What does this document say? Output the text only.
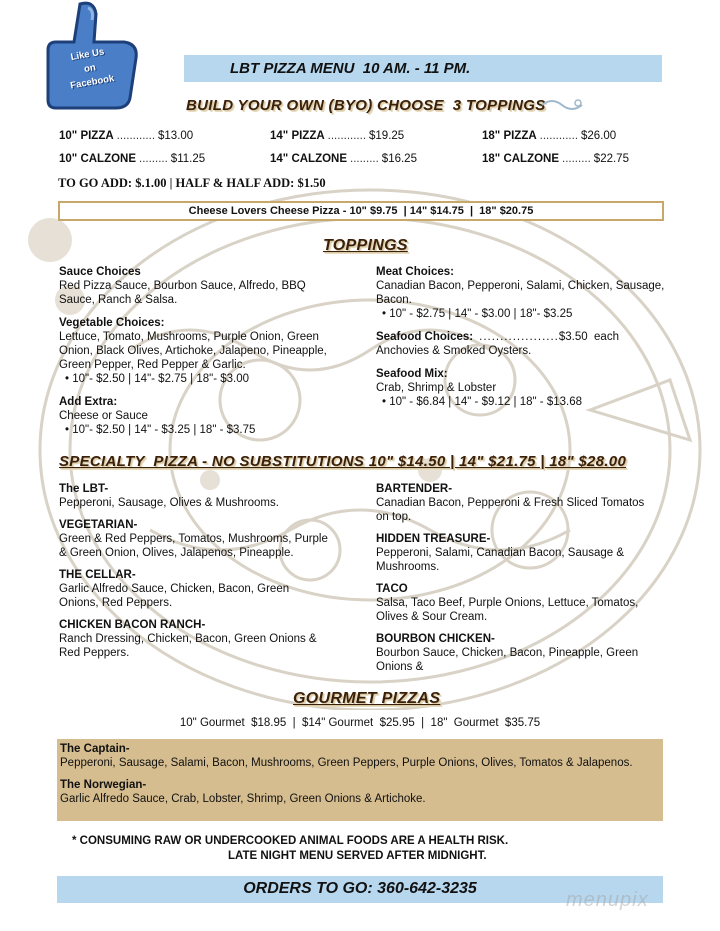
Like Us
on
Facebook
LBT PIZZA MENU  10 AM. - 11 PM.
BUILD YOUR OWN (BYO) CHOOSE  3 TOPPINGS
10" PIZZA ............ $13.00	14" PIZZA ............ $19.25	18" PIZZA ............ $26.00
10" CALZONE ......... $11.25	14" CALZONE ......... $16.25	18" CALZONE ......... $22.75
TO GO ADD: $.1.00 | HALF & HALF ADD: $1.50
Cheese Lovers Cheese Pizza - 10" $9.75  | 14" $14.75  |  18" $20.75
TOPPINGS
Sauce Choices
Red Pizza Sauce, Bourbon Sauce, Alfredo, BBQ Sauce, Ranch & Salsa.
Vegetable Choices:
Lettuce, Tomato, Mushrooms, Purple Onion, Green Onion, Black Olives, Artichoke, Jalapeno, Pineapple, Green Pepper, Red Pepper & Garlic.
• 10"- $2.50 | 14"- $2.75 | 18"- $3.00
Add Extra:
Cheese or Sauce
• 10"- $2.50 | 14" - $3.25 | 18" - $3.75
Meat Choices:
Canadian Bacon, Pepperoni, Salami, Chicken, Sausage, Bacon.
• 10" - $2.75 | 14" - $3.00 | 18"- $3.25
Seafood Choices: ................... $3.50  each
Anchovies & Smoked Oysters.
Seafood Mix:
Crab, Shrimp & Lobster
• 10" - $6.84 | 14" - $9.12 | 18" - $13.68
SPECIALTY  PIZZA - NO SUBSTITUTIONS 10" $14.50 | 14" $21.75 | 18" $28.00
The LBT-
Pepperoni, Sausage, Olives & Mushrooms.
VEGETARIAN-
Green & Red Peppers, Tomatos, Mushrooms, Purple & Green Onion, Olives, Jalapenos, Pineapple.
THE CELLAR-
Garlic Alfredo Sauce, Chicken, Bacon, Green Onions, Red Peppers.
CHICKEN BACON RANCH-
Ranch Dressing, Chicken, Bacon, Green Onions & Red Peppers.
BARTENDER-
Canadian Bacon, Pepperoni & Fresh Sliced Tomatos on top.
HIDDEN TREASURE-
Pepperoni, Salami, Canadian Bacon, Sausage & Mushrooms.
TACO
Salsa, Taco Beef, Purple Onions, Lettuce, Tomatos, Olives & Sour Cream.
BOURBON CHICKEN-
Bourbon Sauce, Chicken, Bacon, Pineapple, Green Onions &
GOURMET PIZZAS
10" Gourmet  $18.95  |  $14" Gourmet  $25.95  |  18"  Gourmet  $35.75
The Captain-
Pepperoni, Sausage, Salami, Bacon, Mushrooms, Green Peppers, Purple Onions, Olives, Tomatos & Jalapenos.
The Norwegian-
Garlic Alfredo Sauce, Crab, Lobster, Shrimp, Green Onions & Artichoke.
* CONSUMING RAW OR UNDERCOOKED ANIMAL FOODS ARE A HEALTH RISK.
LATE NIGHT MENU SERVED AFTER MIDNIGHT.
ORDERS TO GO: 360-642-3235
menupix
